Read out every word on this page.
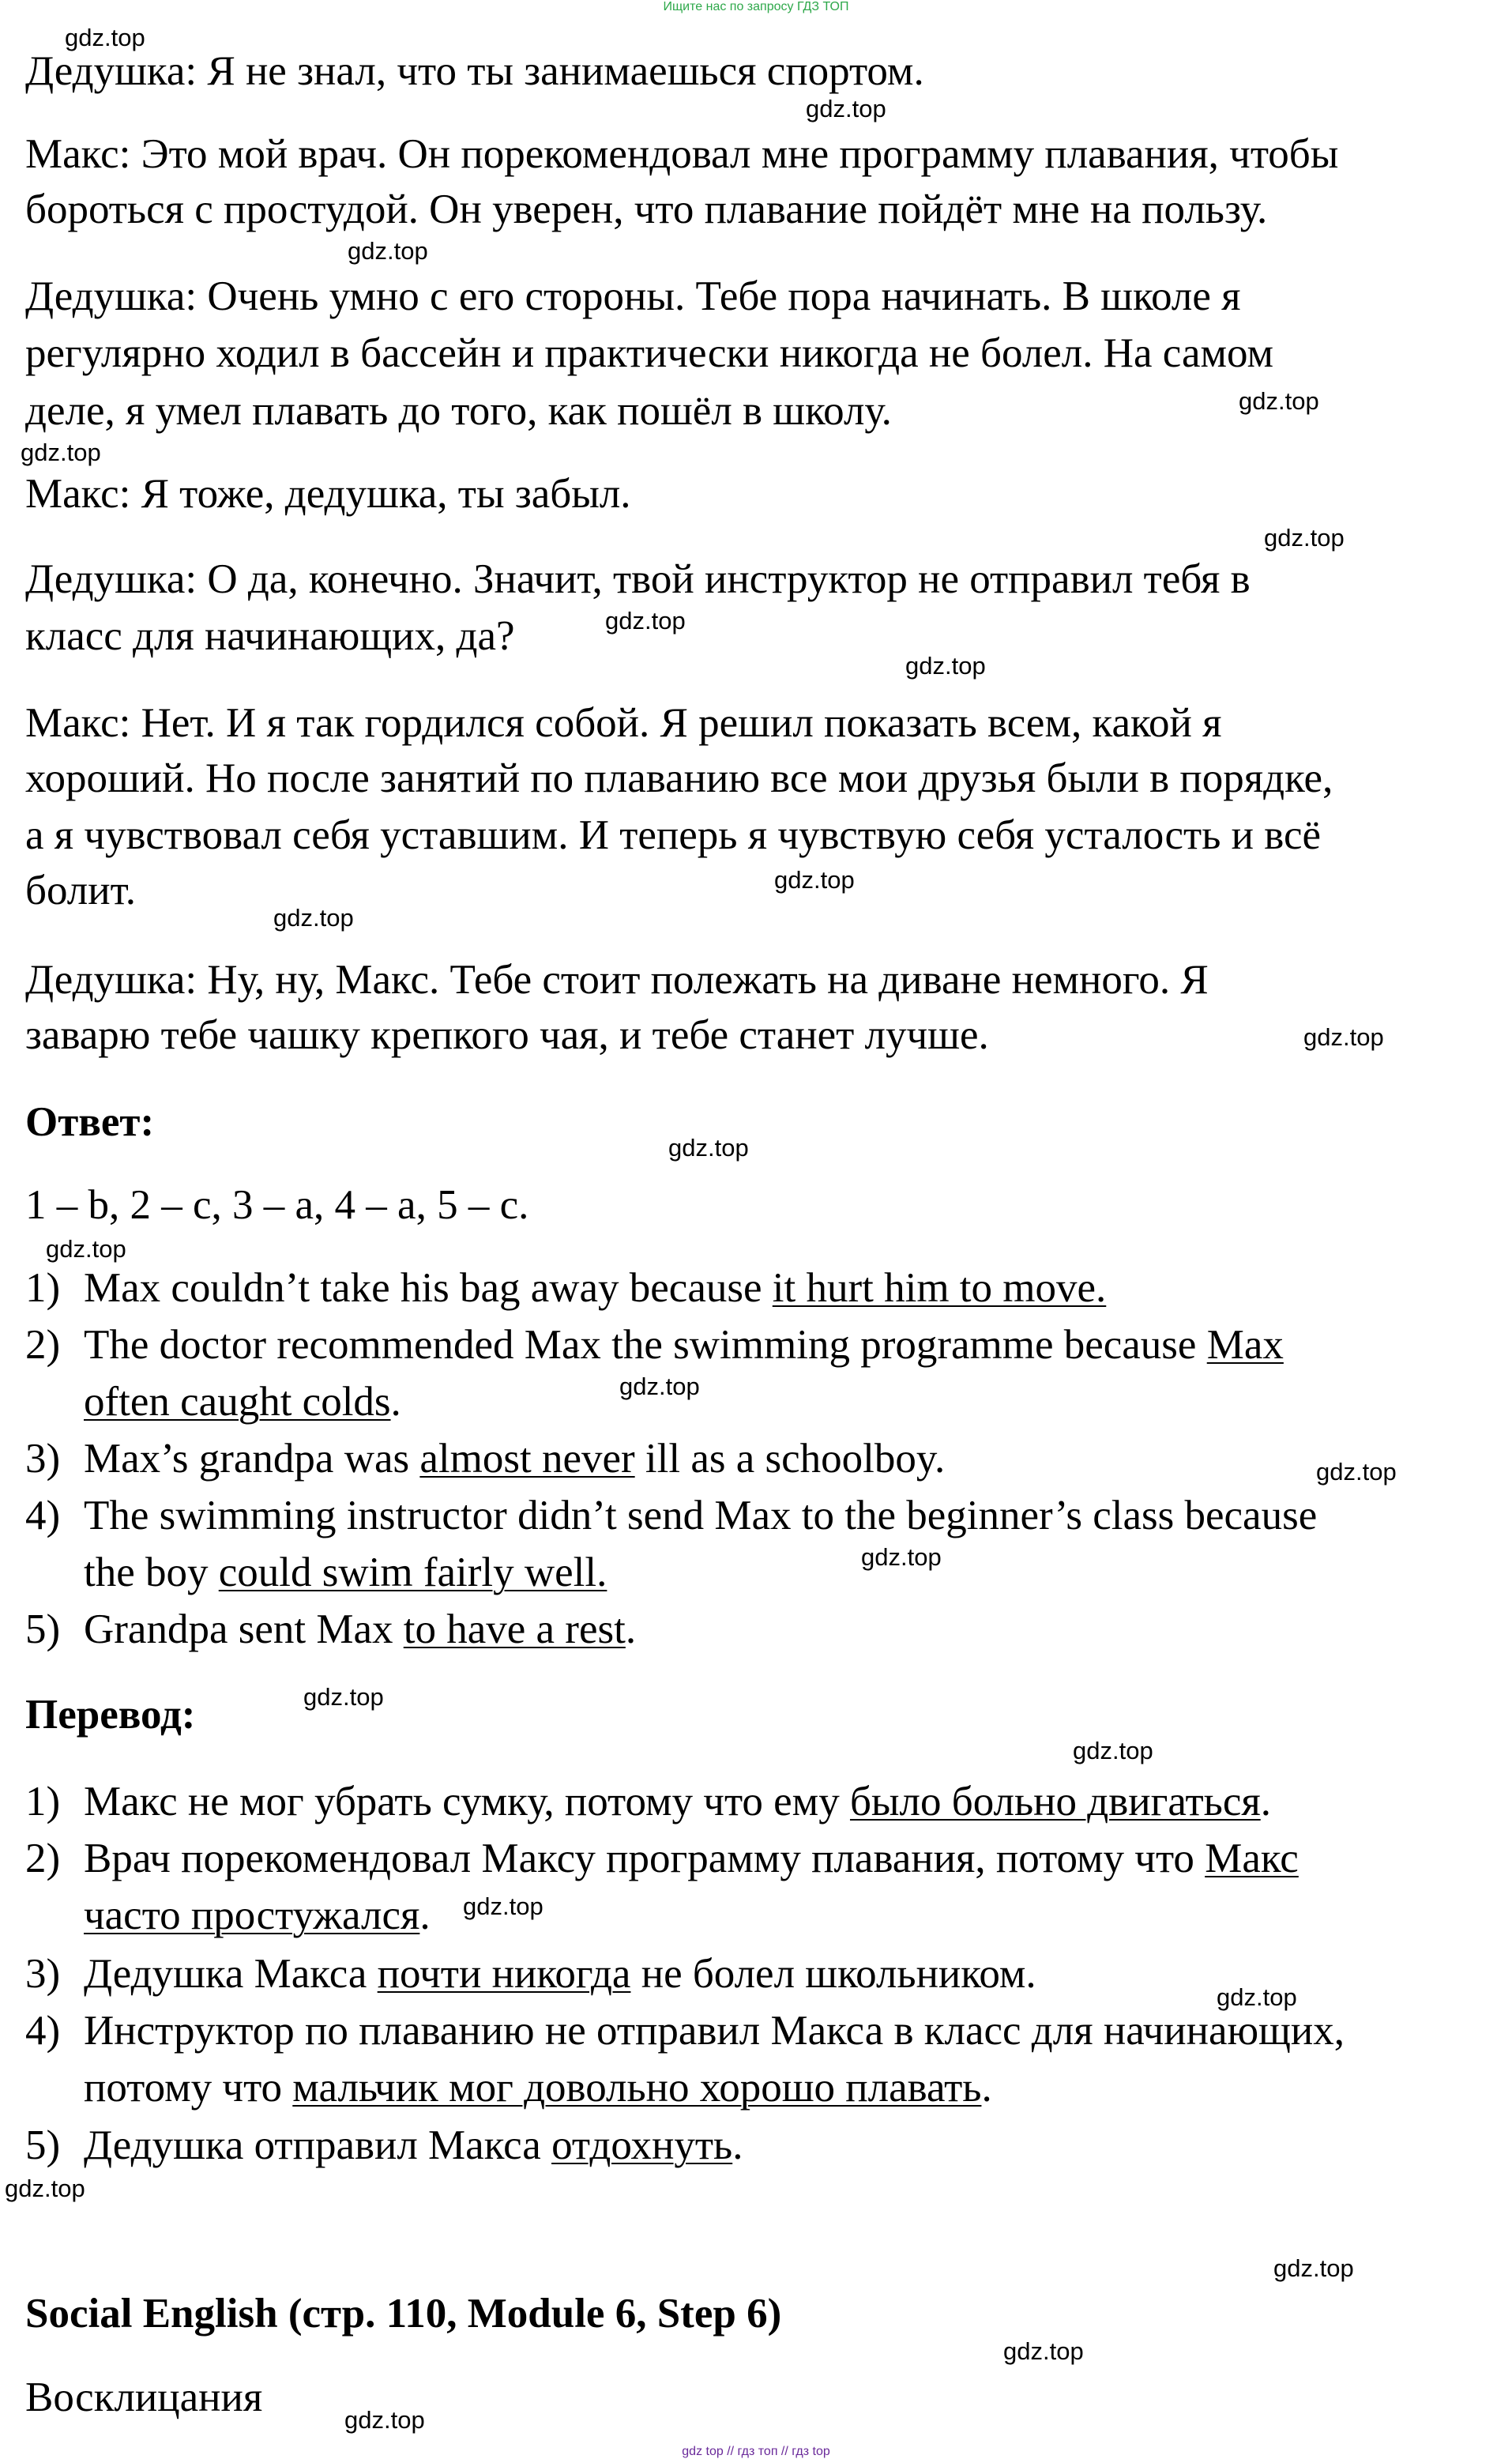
Ищите нас по запросу ГДЗ ТОП
Дедушка: Я не знал, что ты занимаешься спортом.
Макс: Это мой врач. Он порекомендовал мне программу плавания, чтобы
бороться с простудой. Он уверен, что плавание пойдёт мне на пользу.
Дедушка: Очень умно с его стороны. Тебе пора начинать. В школе я
регулярно ходил в бассейн и практически никогда не болел. На самом
деле, я умел плавать до того, как пошёл в школу.
Макс: Я тоже, дедушка, ты забыл.
Дедушка: О да, конечно. Значит, твой инструктор не отправил тебя в
класс для начинающих, да?
Макс: Нет. И я так гордился собой. Я решил показать всем, какой я
хороший. Но после занятий по плаванию все мои друзья были в порядке,
а я чувствовал себя уставшим. И теперь я чувствую себя усталость и всё
болит.
Дедушка: Ну, ну, Макс. Тебе стоит полежать на диване немного. Я
заварю тебе чашку крепкого чая, и тебе станет лучше.
Ответ:
1 – b, 2 – c, 3 – a, 4 – a, 5 – c.
1) Max couldn’t take his bag away because it hurt him to move.
2) The doctor recommended Max the swimming programme because Max
often caught colds.
3) Max’s grandpa was almost never ill as a schoolboy.
4) The swimming instructor didn’t send Max to the beginner’s class because
the boy could swim fairly well.
5) Grandpa sent Max to have a rest.
Перевод:
1) Макс не мог убрать сумку, потому что ему было больно двигаться.
2) Врач порекомендовал Максу программу плавания, потому что Макс
часто простужался.
3) Дедушка Макса почти никогда не болел школьником.
4) Инструктор по плаванию не отправил Макса в класс для начинающих,
потому что мальчик мог довольно хорошо плавать.
5) Дедушка отправил Макса отдохнуть.
Social English (стр. 110, Module 6, Step 6)
Восклицания
gdz.top
gdz.top
gdz.top
gdz.top
gdz.top
gdz.top
gdz.top
gdz.top
gdz.top
gdz.top
gdz.top
gdz.top
gdz.top
gdz.top
gdz.top
gdz.top
gdz.top
gdz.top
gdz.top
gdz.top
gdz.top
gdz.top
gdz.top
gdz.top
gdz top // гдз топ // гдз top
